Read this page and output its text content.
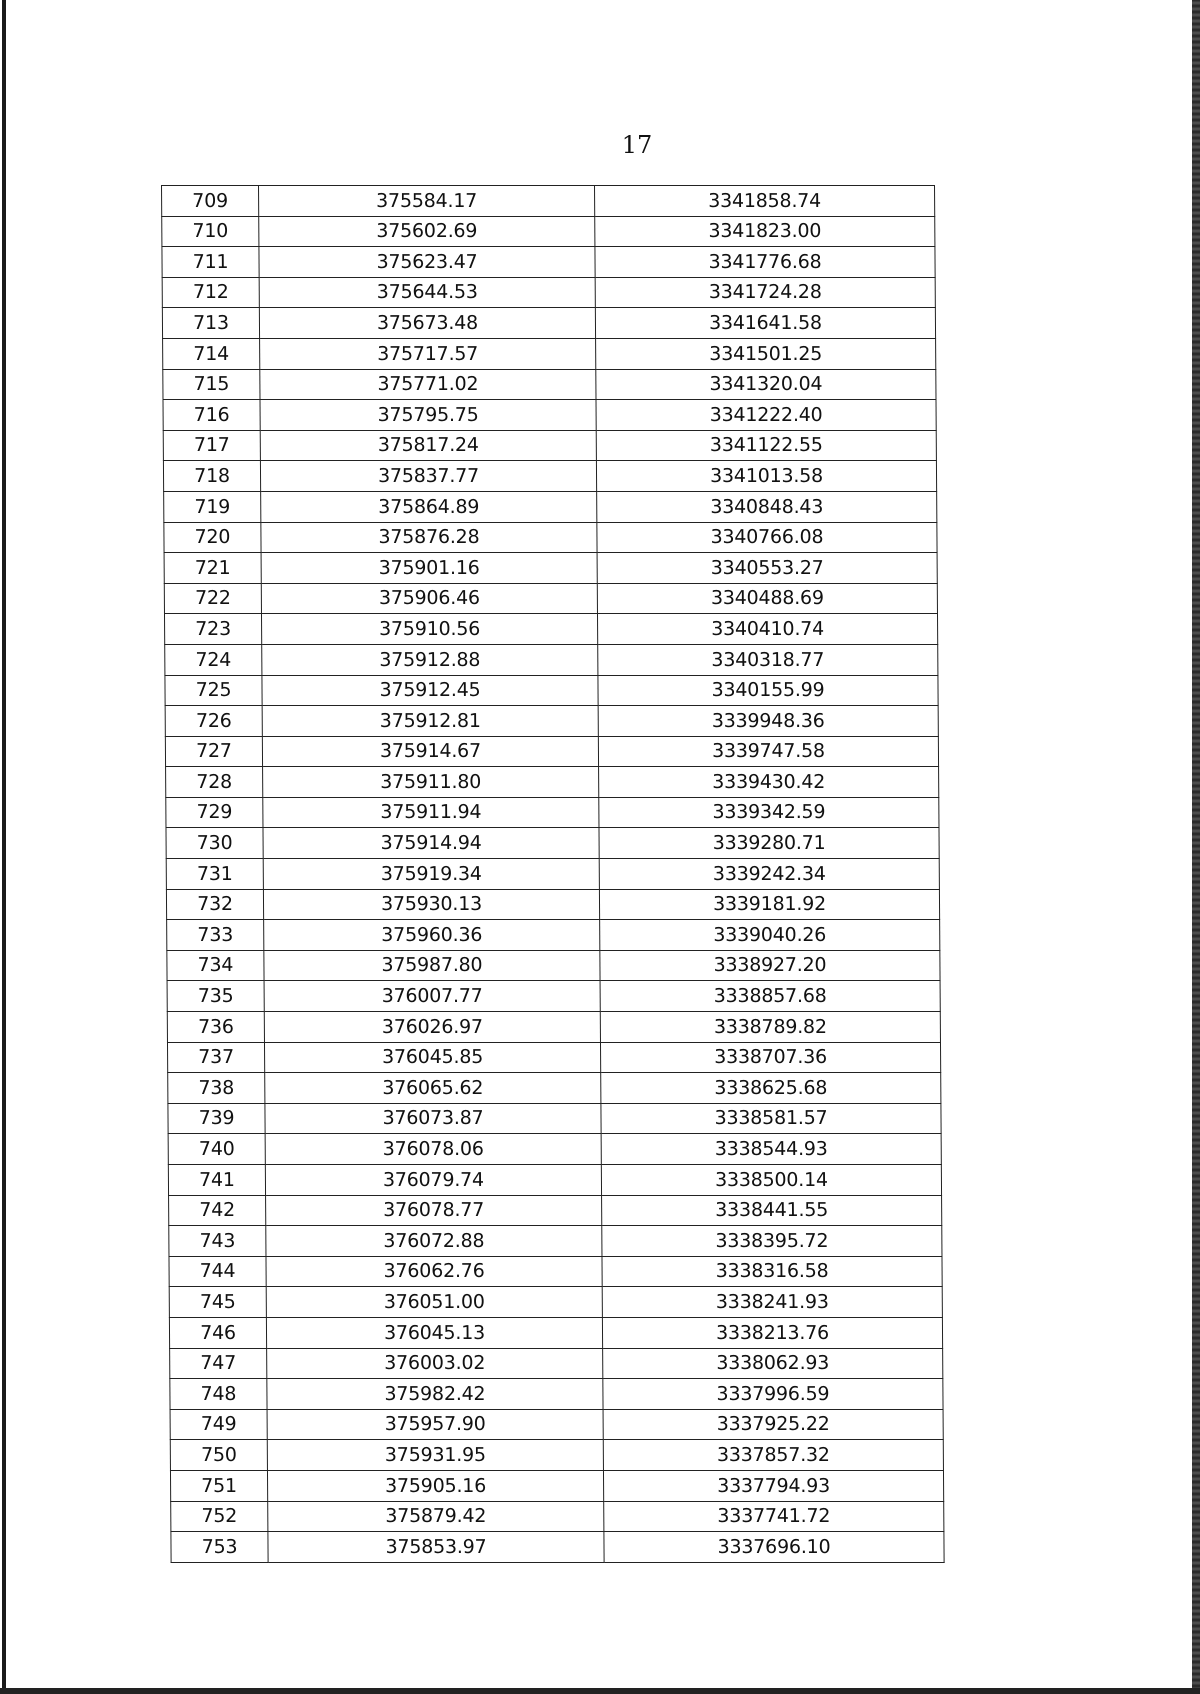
17
709	375584.17	3341858.74
710	375602.69	3341823.00
711	375623.47	3341776.68
712	375644.53	3341724.28
713	375673.48	3341641.58
714	375717.57	3341501.25
715	375771.02	3341320.04
716	375795.75	3341222.40
717	375817.24	3341122.55
718	375837.77	3341013.58
719	375864.89	3340848.43
720	375876.28	3340766.08
721	375901.16	3340553.27
722	375906.46	3340488.69
723	375910.56	3340410.74
724	375912.88	3340318.77
725	375912.45	3340155.99
726	375912.81	3339948.36
727	375914.67	3339747.58
728	375911.80	3339430.42
729	375911.94	3339342.59
730	375914.94	3339280.71
731	375919.34	3339242.34
732	375930.13	3339181.92
733	375960.36	3339040.26
734	375987.80	3338927.20
735	376007.77	3338857.68
736	376026.97	3338789.82
737	376045.85	3338707.36
738	376065.62	3338625.68
739	376073.87	3338581.57
740	376078.06	3338544.93
741	376079.74	3338500.14
742	376078.77	3338441.55
743	376072.88	3338395.72
744	376062.76	3338316.58
745	376051.00	3338241.93
746	376045.13	3338213.76
747	376003.02	3338062.93
748	375982.42	3337996.59
749	375957.90	3337925.22
750	375931.95	3337857.32
751	375905.16	3337794.93
752	375879.42	3337741.72
753	375853.97	3337696.10
